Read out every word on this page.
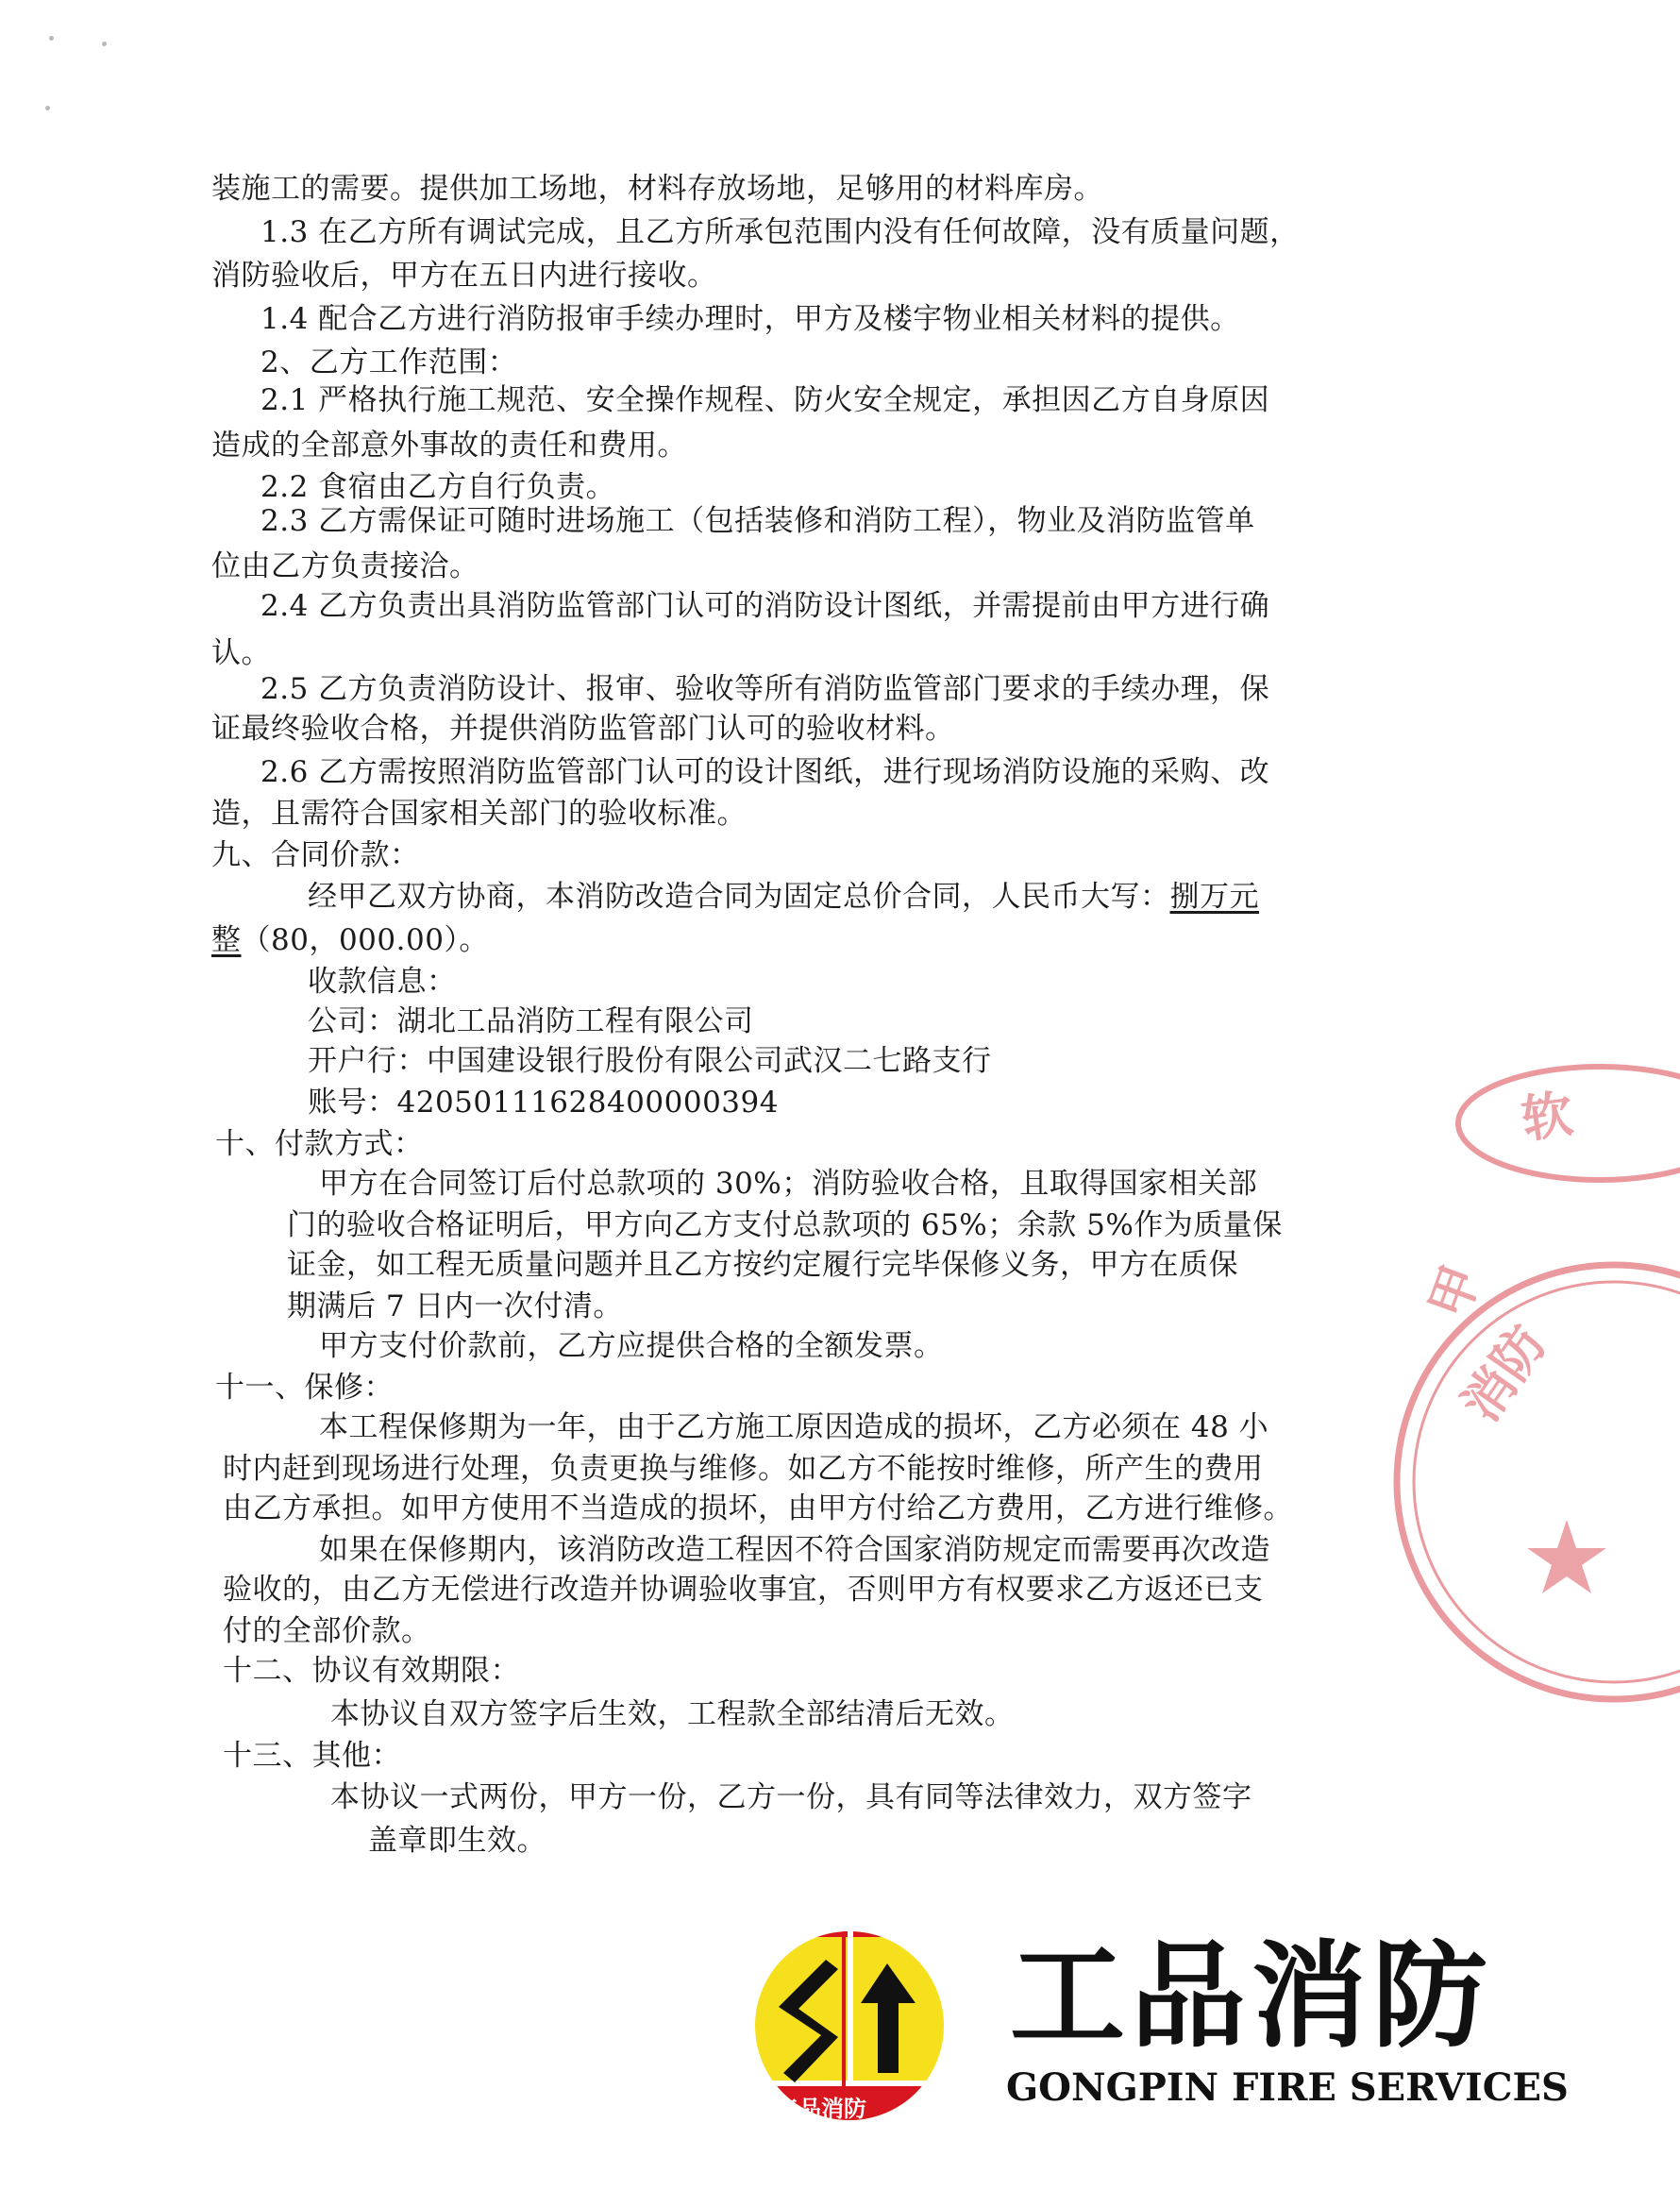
装施工的需要。提供加工场地，材料存放场地，足够用的材料库房。
1.3 在乙方所有调试完成，且乙方所承包范围内没有任何故障，没有质量问题，
消防验收后，甲方在五日内进行接收。
1.4 配合乙方进行消防报审手续办理时，甲方及楼宇物业相关材料的提供。
2、乙方工作范围：
2.1 严格执行施工规范、安全操作规程、防火安全规定，承担因乙方自身原因
造成的全部意外事故的责任和费用。
2.2 食宿由乙方自行负责。
2.3 乙方需保证可随时进场施工（包括装修和消防工程），物业及消防监管单
位由乙方负责接洽。
2.4 乙方负责出具消防监管部门认可的消防设计图纸，并需提前由甲方进行确
认。
2.5 乙方负责消防设计、报审、验收等所有消防监管部门要求的手续办理，保
证最终验收合格，并提供消防监管部门认可的验收材料。
2.6 乙方需按照消防监管部门认可的设计图纸，进行现场消防设施的采购、改
造，且需符合国家相关部门的验收标准。
九、合同价款：
经甲乙双方协商，本消防改造合同为固定总价合同，人民币大写：捌万元
整（80，000.00）。
收款信息：
公司：湖北工品消防工程有限公司
开户行：中国建设银行股份有限公司武汉二七路支行
账号：42050111628400000394
十、付款方式：
甲方在合同签订后付总款项的 30%；消防验收合格，且取得国家相关部
门的验收合格证明后，甲方向乙方支付总款项的 65%；余款 5%作为质量保
证金，如工程无质量问题并且乙方按约定履行完毕保修义务，甲方在质保
期满后 7 日内一次付清。
甲方支付价款前，乙方应提供合格的全额发票。
十一、保修：
本工程保修期为一年，由于乙方施工原因造成的损坏，乙方必须在 48 小
时内赶到现场进行处理，负责更换与维修。如乙方不能按时维修，所产生的费用
由乙方承担。如甲方使用不当造成的损坏，由甲方付给乙方费用，乙方进行维修。
如果在保修期内，该消防改造工程因不符合国家消防规定而需要再次改造
验收的，由乙方无偿进行改造并协调验收事宜，否则甲方有权要求乙方返还已支
付的全部价款。
十二、协议有效期限：
本协议自双方签字后生效，工程款全部结清后无效。
十三、其他：
本协议一式两份，甲方一份，乙方一份，具有同等法律效力，双方签字
盖章即生效。
软
甲
消防
工品消防
工品消防
GONGPIN FIRE SERVICES
